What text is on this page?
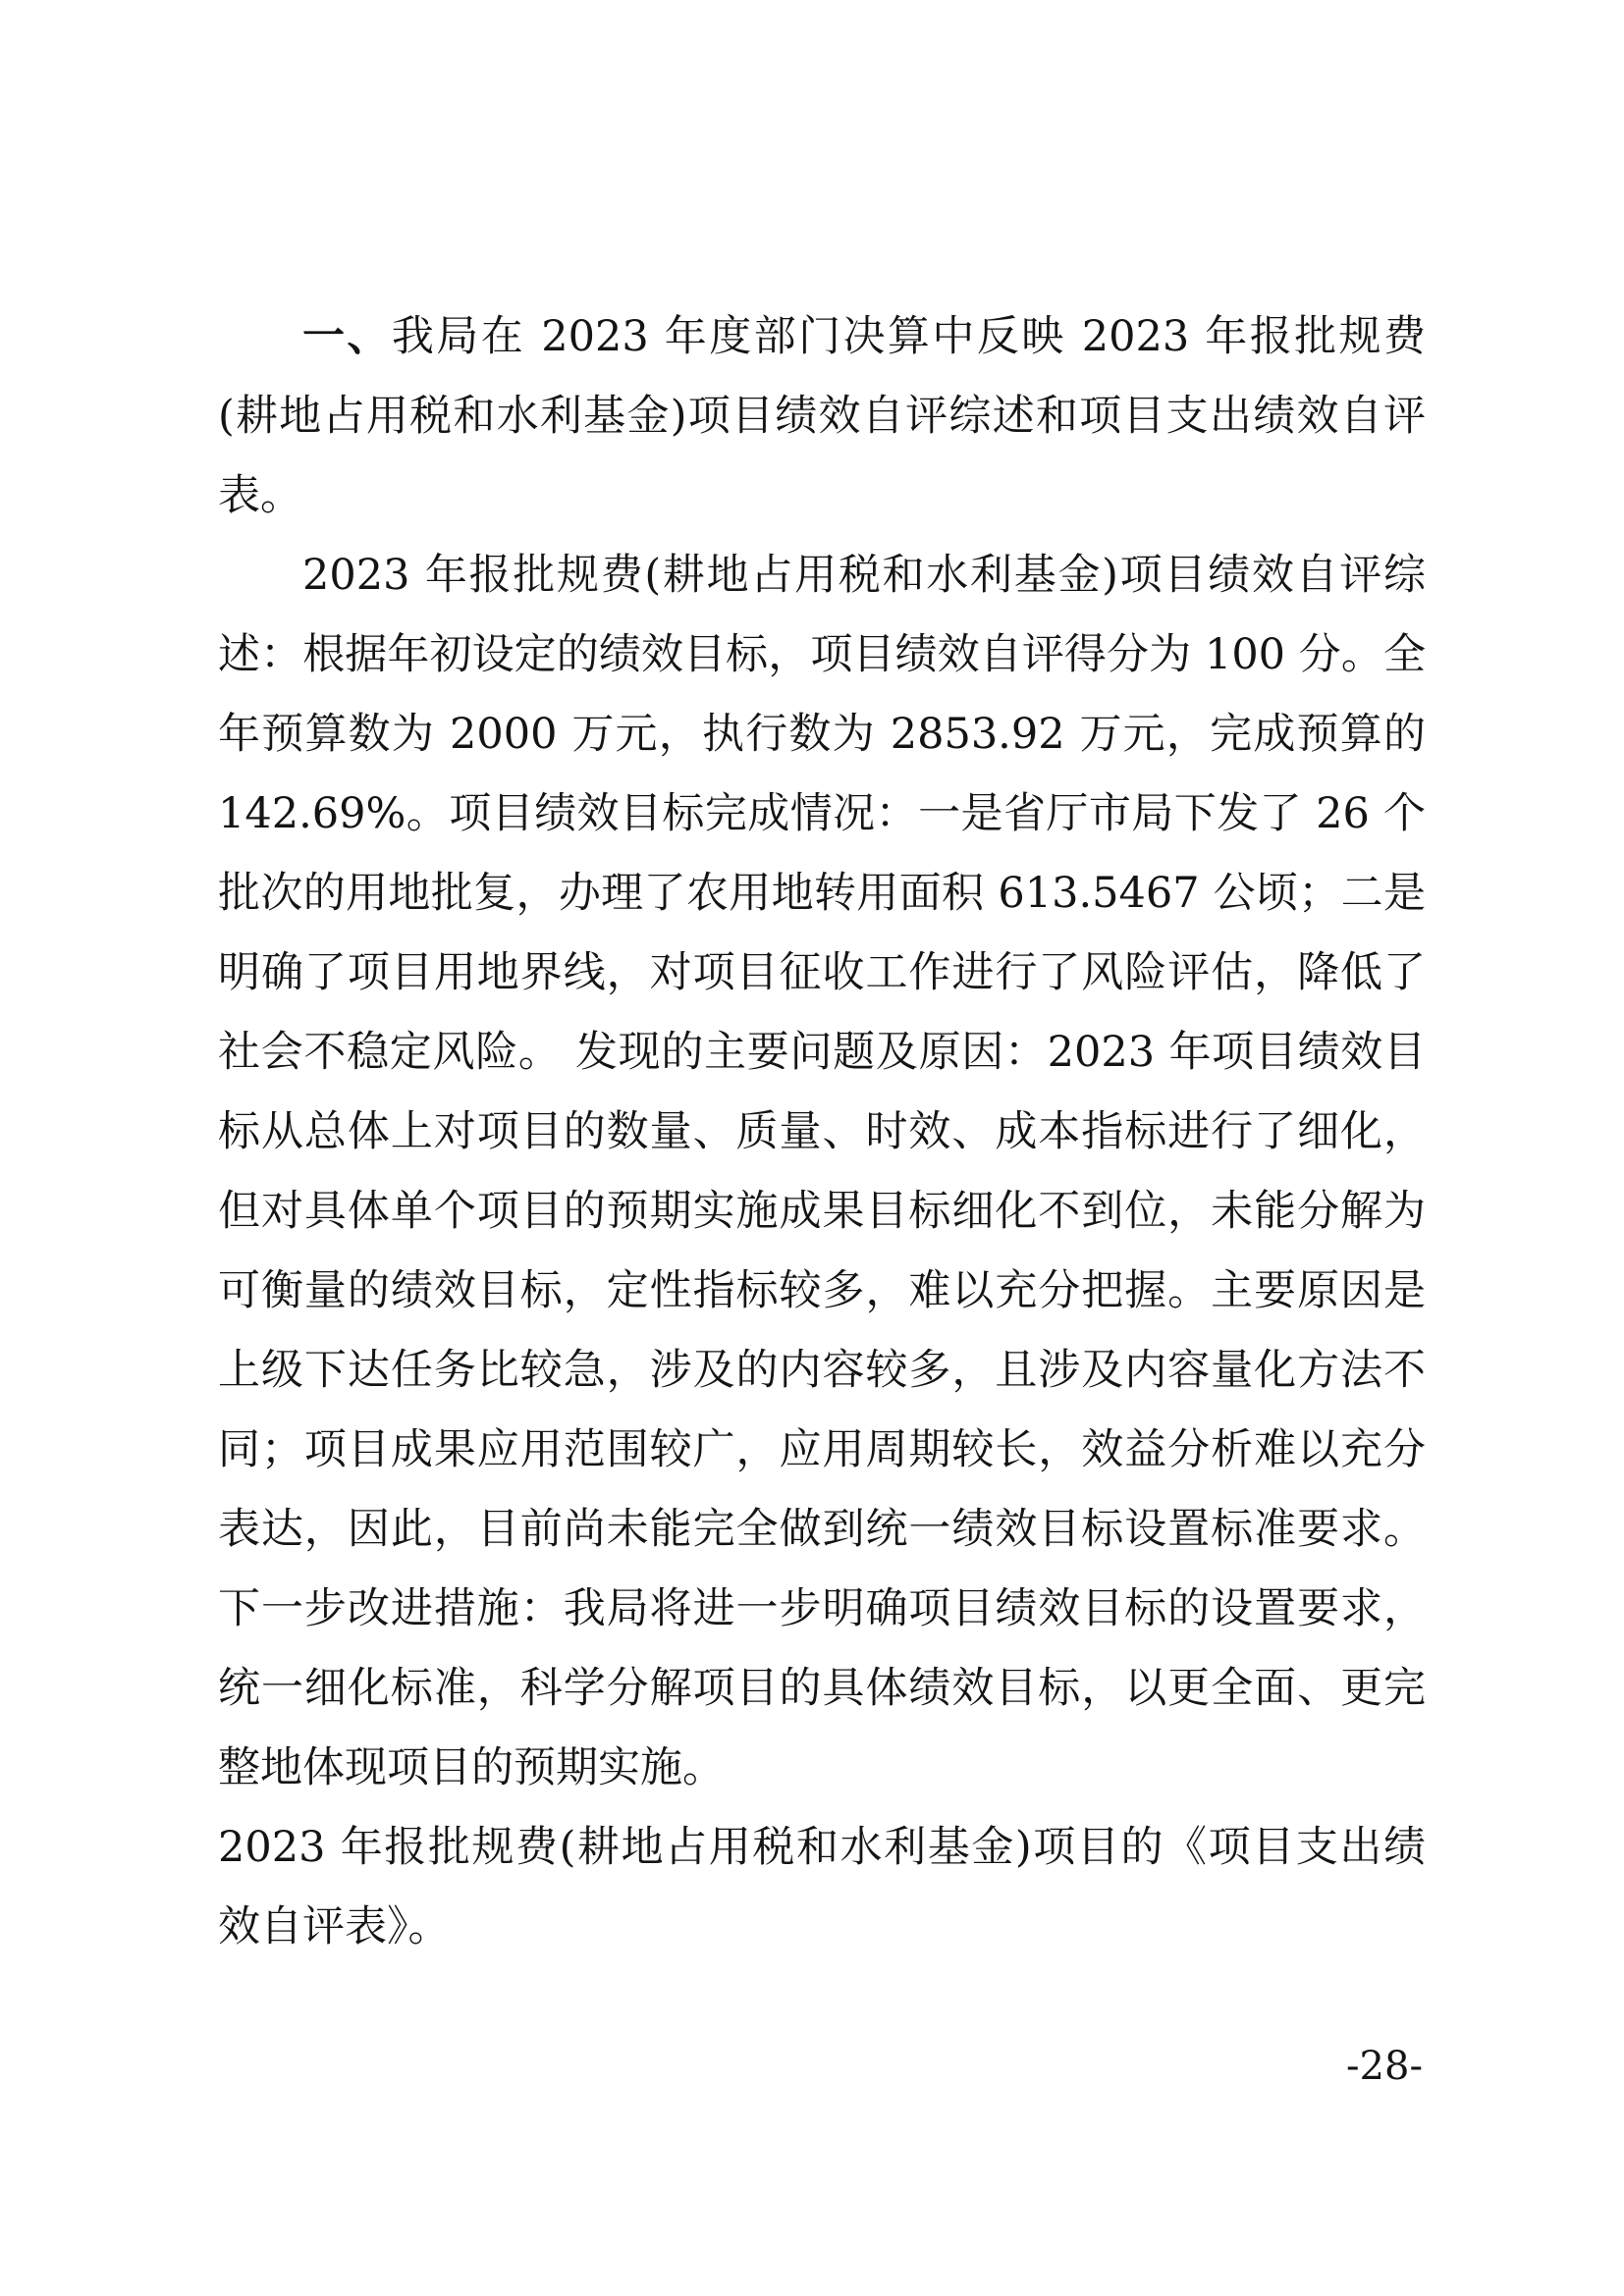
一、我局在 2023 年度部门决算中反映 2023 年报批规费(耕地占用税和水利基金)项目绩效自评综述和项目支出绩效自评表。

2023 年报批规费(耕地占用税和水利基金)项目绩效自评综述：根据年初设定的绩效目标，项目绩效自评得分为 100 分。全年预算数为 2000 万元，执行数为 2853.92 万元，完成预算的 142.69%。项目绩效目标完成情况：一是省厅市局下发了 26 个批次的用地批复，办理了农用地转用面积 613.5467 公顷；二是明确了项目用地界线，对项目征收工作进行了风险评估，降低了社会不稳定风险。 发现的主要问题及原因：2023 年项目绩效目标从总体上对项目的数量、质量、时效、成本指标进行了细化，但对具体单个项目的预期实施成果目标细化不到位，未能分解为可衡量的绩效目标，定性指标较多，难以充分把握。主要原因是上级下达任务比较急，涉及的内容较多，且涉及内容量化方法不同；项目成果应用范围较广，应用周期较长，效益分析难以充分表达，因此，目前尚未能完全做到统一绩效目标设置标准要求。下一步改进措施：我局将进一步明确项目绩效目标的设置要求，统一细化标准，科学分解项目的具体绩效目标，以更全面、更完整地体现项目的预期实施。

2023 年报批规费(耕地占用税和水利基金)项目的《项目支出绩效自评表》。

-28-
